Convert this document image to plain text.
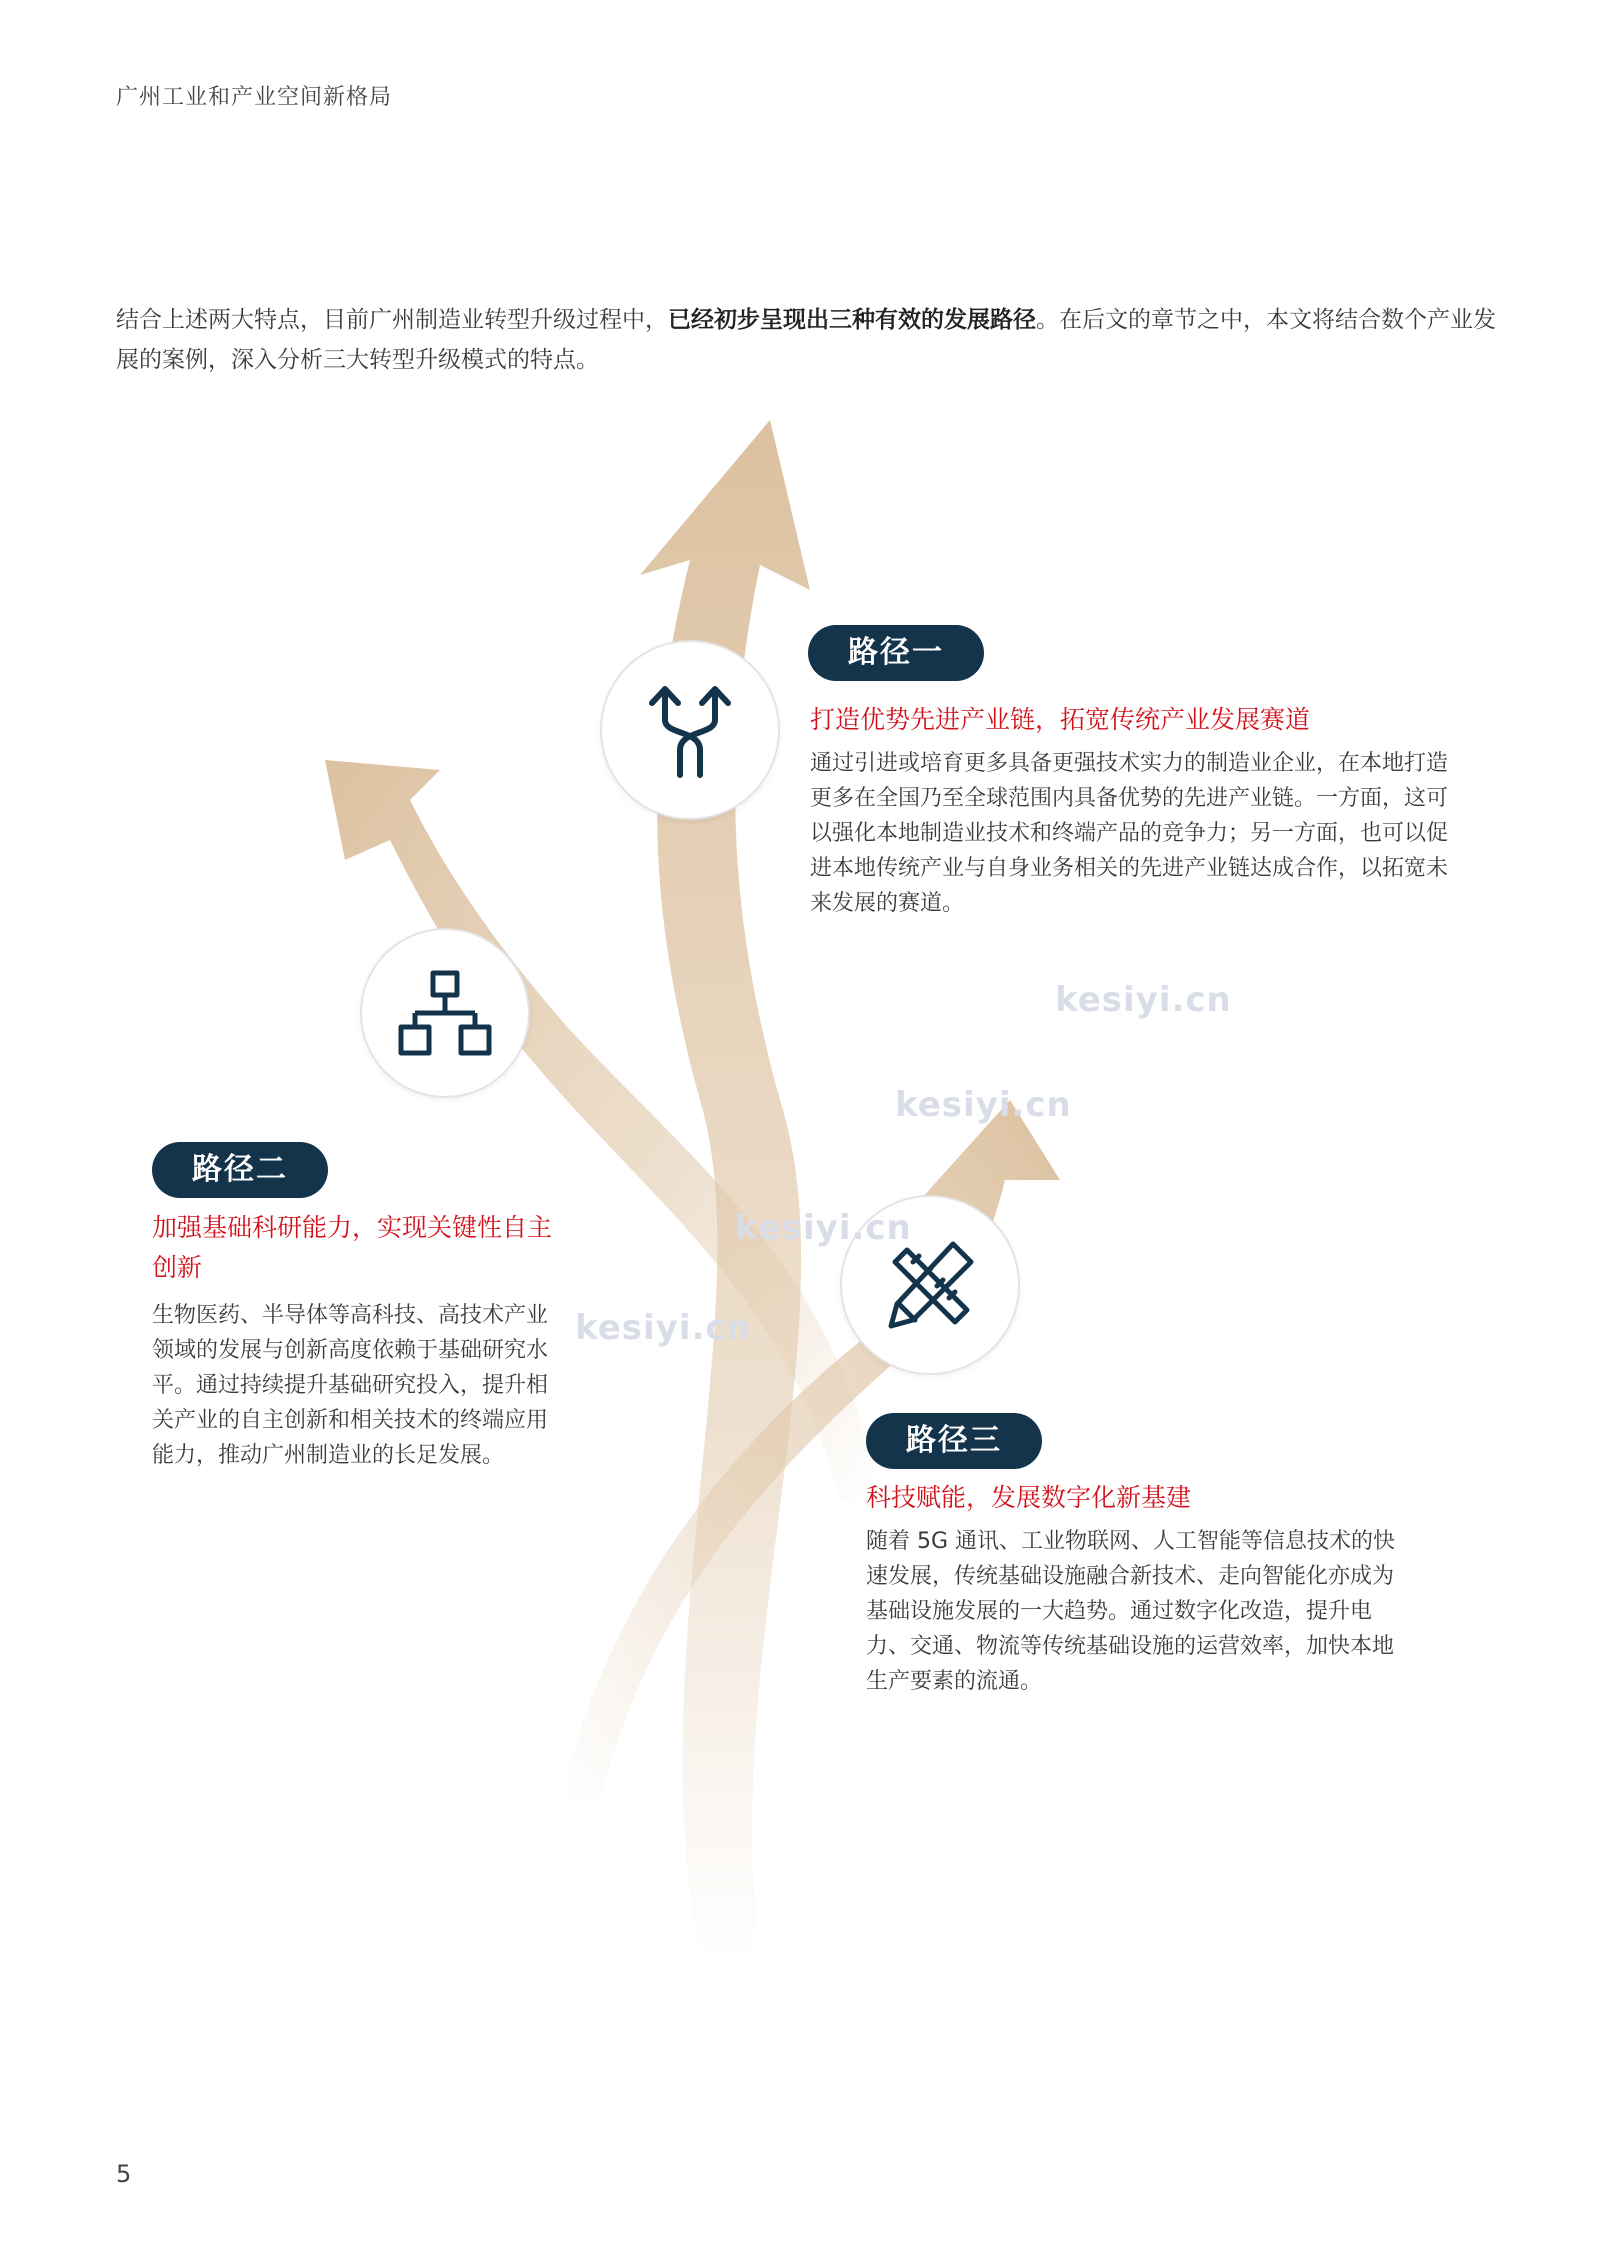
广州工业和产业空间新格局
结合上述两大特点，目前广州制造业转型升级过程中，已经初步呈现出三种有效的发展路径。在后文的章节之中，本文将结合数个产业发展的案例，深入分析三大转型升级模式的特点。
路径一
打造优势先进产业链，拓宽传统产业发展赛道
通过引进或培育更多具备更强技术实力的制造业企业，在本地打造更多在全国乃至全球范围内具备优势的先进产业链。一方面，这可以强化本地制造业技术和终端产品的竞争力；另一方面，也可以促进本地传统产业与自身业务相关的先进产业链达成合作，以拓宽未来发展的赛道。
路径二
加强基础科研能力，实现关键性自主创新
生物医药、半导体等高科技、高技术产业领域的发展与创新高度依赖于基础研究水平。通过持续提升基础研究投入，提升相关产业的自主创新和相关技术的终端应用能力，推动广州制造业的长足发展。	路径三
科技赋能，发展数字化新基建
随着 5G 通讯、工业物联网、人工智能等信息技术的快速发展，传统基础设施融合新技术、走向智能化亦成为基础设施发展的一大趋势。通过数字化改造，提升电力、交通、物流等传统基础设施的运营效率，加快本地生产要素的流通。
kesiyi.cn
kesiyi.cn
kesiyi.cn
kesiyi.cn
5
